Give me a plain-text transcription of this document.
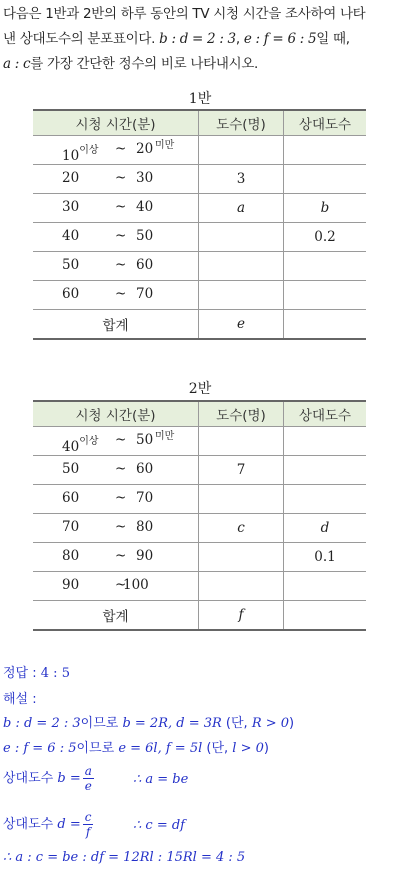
다음은 1반과 2반의 하루 동안의 TV 시청 시간을 조사하여 나타
낸 상대도수의 분포표이다. b : d = 2 : 3, e : f = 6 : 5일 때,
a : c를 가장 간단한 정수의 비로 나타내시오.
1반
시청 시간(분)	도수(명)	상대도수

$10^{이상}$ ~ 20 미만		

20 ~ 30	3	

30 ~ 40	a	b

40 ~ 50		0.2

50 ~ 60		

60 ~ 70		

합계	e	
2반
시청 시간(분)	도수(명)	상대도수

$40^{이상}$ ~ 50 미만		

50 ~ 60	7	

60 ~ 70		

70 ~ 80	c	d

80 ~ 90		0.1

90 ~
100		

합계	f	
정답 : 4 : 5
해설 :
b : d = 2 : 3이므로 b = 2R, d = 3R (단, R > 0)
e : f = 6 : 5이므로 e = 6l, f = 5l (단, l > 0)
상대도수 $b = \frac{a}{e}$	∴ a = be
상대도수 $d = \frac{c}{f}$	∴ c = df
∴ a : c = be : df = 12Rl : 15Rl = 4 : 5
